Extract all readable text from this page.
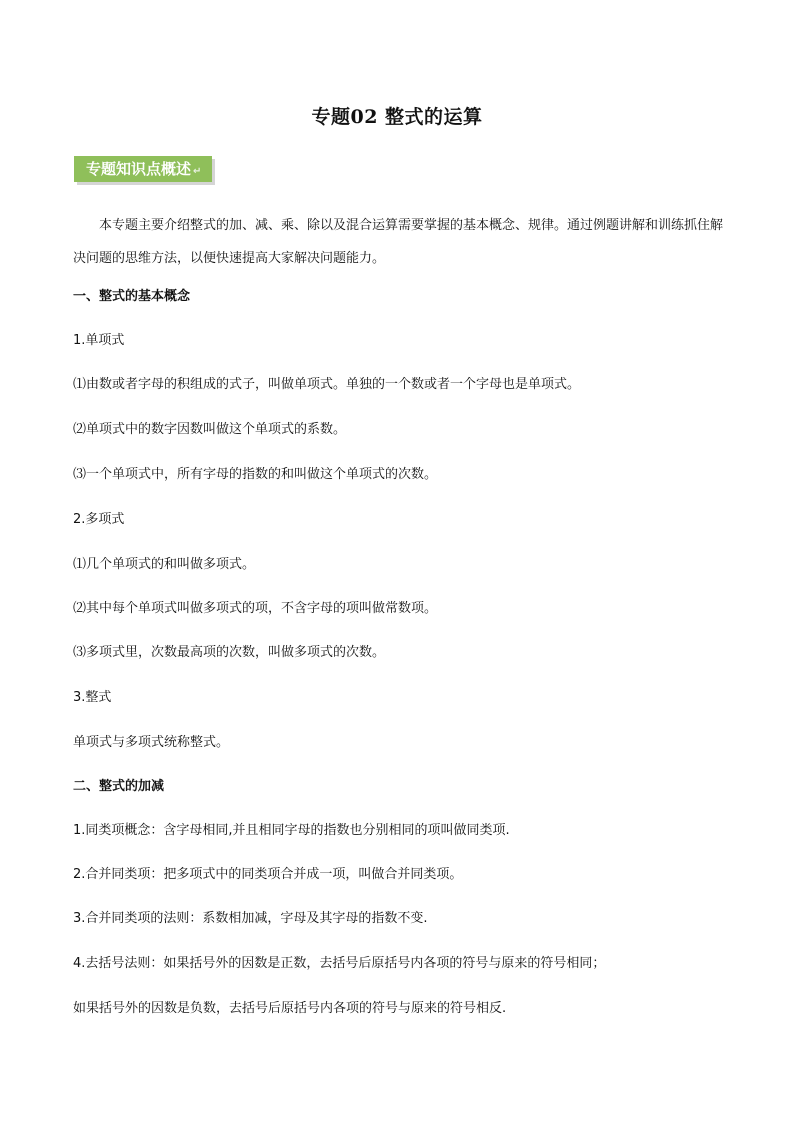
专题02 整式的运算
专题知识点概述 ↵
本专题主要介绍整式的加、减、乘、除以及混合运算需要掌握的基本概念、规律。通过例题讲解和训练抓住解决问题的思维方法，以便快速提高大家解决问题能力。
一、整式的基本概念
1.单项式
⑴由数或者字母的积组成的式子，叫做单项式。单独的一个数或者一个字母也是单项式。
⑵单项式中的数字因数叫做这个单项式的系数。
⑶一个单项式中，所有字母的指数的和叫做这个单项式的次数。
2.多项式
⑴几个单项式的和叫做多项式。
⑵其中每个单项式叫做多项式的项，不含字母的项叫做常数项。
⑶多项式里，次数最高项的次数，叫做多项式的次数。
3.整式
单项式与多项式统称整式。
二、整式的加减
1.同类项概念：含字母相同,并且相同字母的指数也分别相同的项叫做同类项.
2.合并同类项：把多项式中的同类项合并成一项，叫做合并同类项。
3.合并同类项的法则：系数相加减，字母及其字母的指数不变.
4.去括号法则：如果括号外的因数是正数，去括号后原括号内各项的符号与原来的符号相同；
如果括号外的因数是负数，去括号后原括号内各项的符号与原来的符号相反.
